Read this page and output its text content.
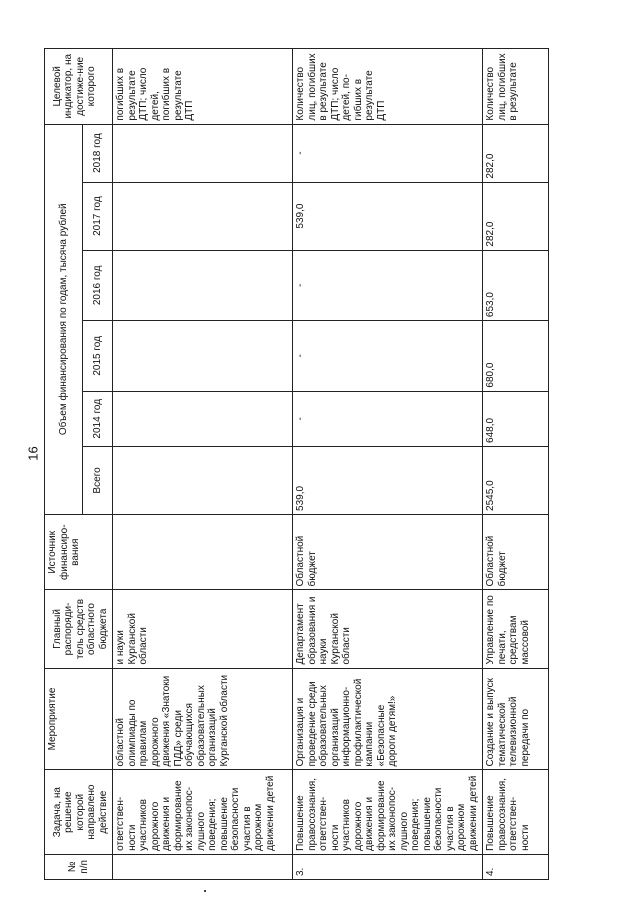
16
№ п/п	Задача, на решение которой направлено действие	Мероприятие	Главный распоряди-тель средств областного бюджета	Источник финансиро-вания	Объем финансирования по годам, тысяча рублей						Целевой индикатор, на достиже-ние которого

					Всего	2014 год	2015 год	2016 год	2017 год	2018 год	
	ответствен-ности участников дорожного движения и формирование их законопос-лушного поведения; повышение безопасности участия в дорожном движении детей	областной олимпиады по правилам дорожного движения «Знатоки ПДД» среди обучающихся образовательных организаций Курганской области	и науки Курганской области								погибших в результате ДТП; число детей, погибших в результате ДТП
3.	Повышение правосознания, ответствен-ности участников дорожного движения и формирование их законопос-лушного поведения; повышение безопасности участия в дорожном движении детей	Организация и проведение среди образовательных организаций информационно-профилактической кампании «Безопасные дороги детям!»	Департамент образования и науки Курганской области	Областной бюджет	539,0	-	-	-	539,0	-	Количество лиц, погибших в результате ДТП; число детей, по-гибших в результате ДТП
4.	Повышение правосознания, ответствен-ности	Создание и выпуск тематической телевизионной передачи по	Управление по печати, средствам массовой	Областной бюджет	2545,0	648,0	680,0	653,0	282,0	282,0	Количество лиц, погибших в результате
